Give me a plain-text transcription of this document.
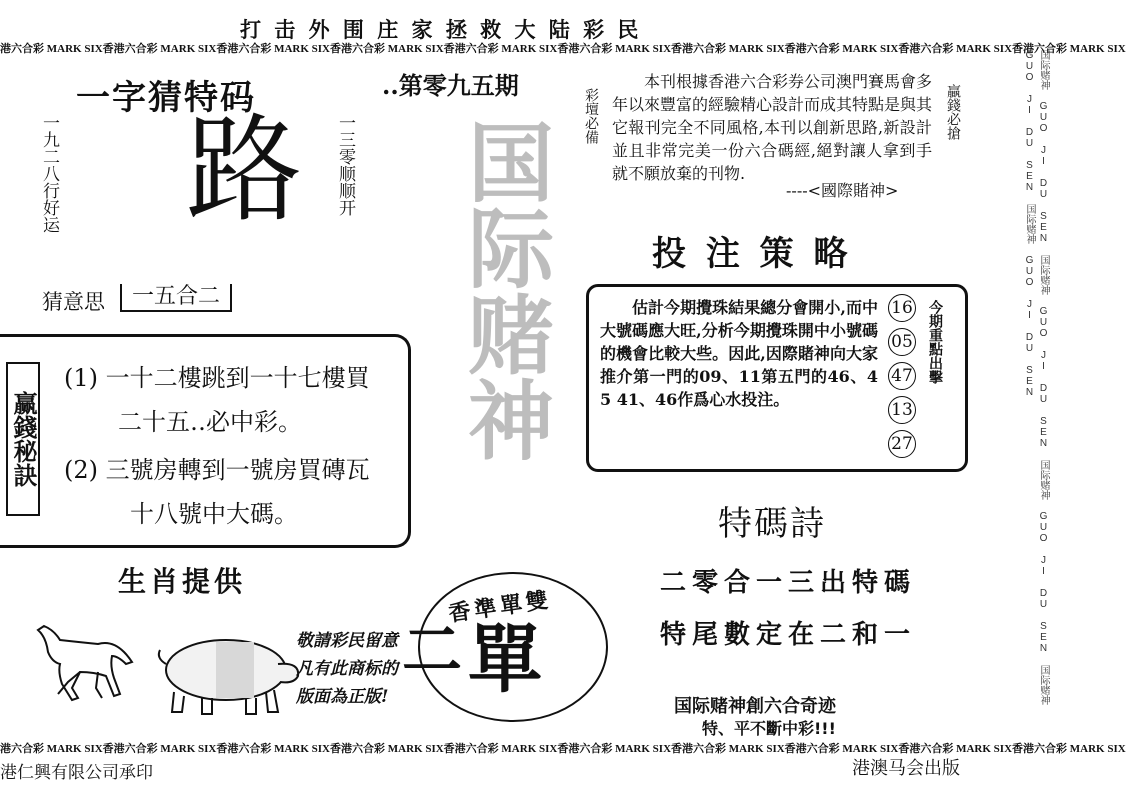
打 击 外 围 庄 家 拯 救 大 陆 彩 民
港六合彩 MARK SIX香港六合彩 MARK SIX香港六合彩 MARK SIX香港六合彩 MARK SIX香港六合彩 MARK SIX香港六合彩 MARK SIX香港六合彩 MARK SIX香港六合彩 MARK SIX香港六合彩 MARK SIX香港六合彩 MARK SIX
..第零九五期
一字猜特码
一九二八行好运 路 一三零顺顺开
猜意思	一五合二
赢錢秘訣
(1) 一十二樓跳到一十七樓買
二十五‥必中彩。
(2) 三號房轉到一號房買磚瓦
十八號中大碼。
生肖提供
敬請彩民留意
凡有此商标的
版面為正版!
国际赌神
香準單雙
單
二
彩壇必備	贏錢必搶
本刊根據香港六合彩券公司澳門賽馬會多年以來豐富的經驗精心設計而成其特點是與其它報刊完全不同風格,本刊以創新思路,新設計並且非常完美一份六合碼經,絕對讓人拿到手就不願放棄的刊物.
----<國際賭神>
投 注 策 略
估計今期攪珠結果總分會開小,而中大號碼應大旺,分析今期攪珠開中小號碼的機會比較大些。因此,因際賭神向大家推介第一門的09、11第五門的46、45 41、46作爲心水投注。
16
05
47
13
27
今期重點出擊
特碼詩
二零合一三出特碼
特尾數定在二和一
国际赌神創六合奇迹
特、平不斷中彩!!!
国际赌神 GUO JI DU SEN 国际赌神 GUO JI DU SEN 国际赌神 GUO JI DU SEN 国际赌神 GUO JI DU SEN 国际赌神 GUO JI DU SEN
港六合彩 MARK SIX香港六合彩 MARK SIX香港六合彩 MARK SIX香港六合彩 MARK SIX香港六合彩 MARK SIX香港六合彩 MARK SIX香港六合彩 MARK SIX香港六合彩 MARK SIX香港六合彩 MARK SIX香港六合彩 MARK SIX
港仁興有限公司承印	港澳马会出版
